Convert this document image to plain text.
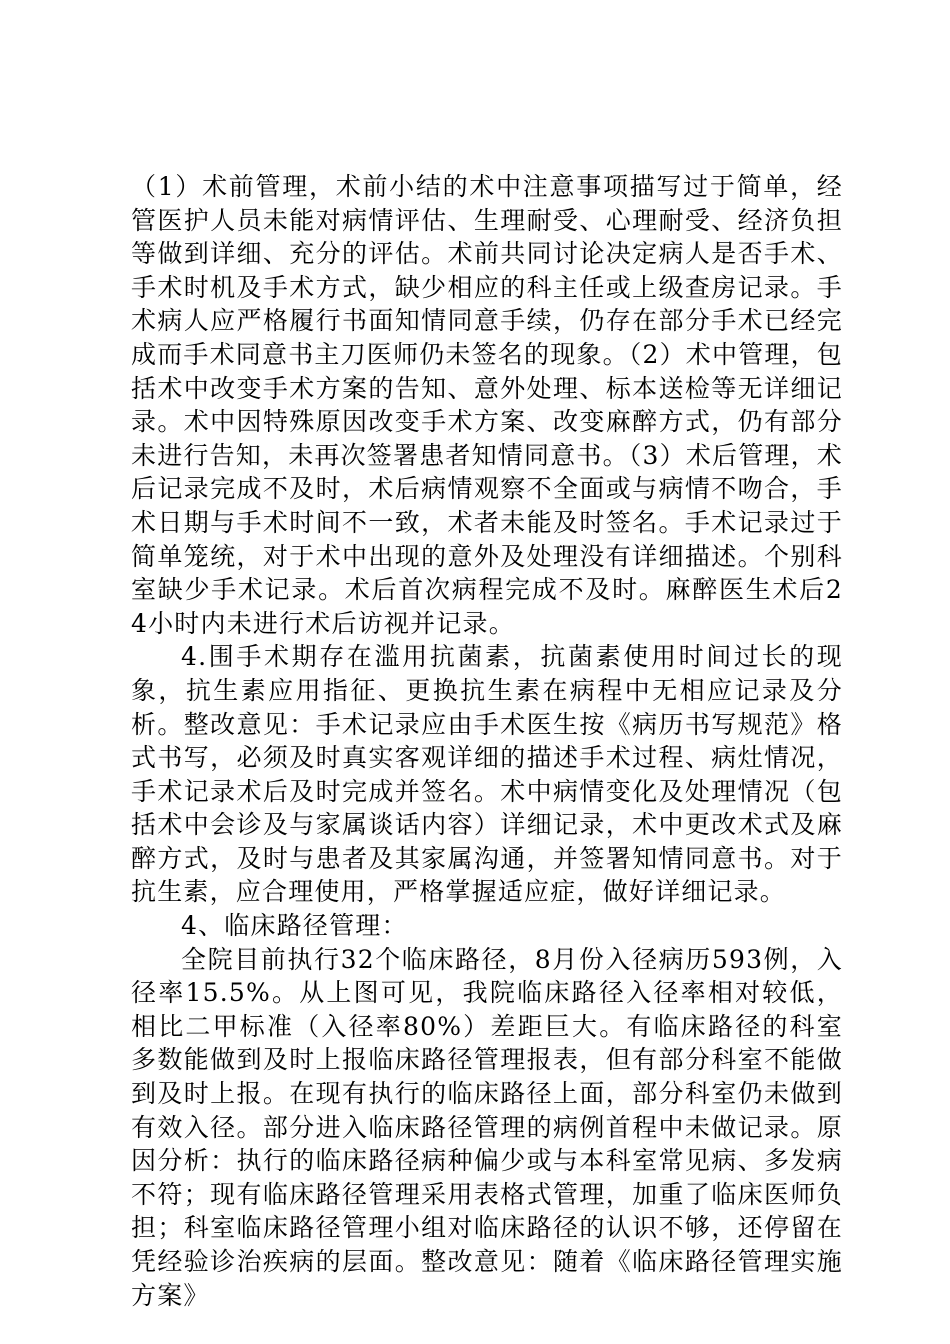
（1）术前管理，术前小结的术中注意事项描写过于简单，经管医护人员未能对病情评估、生理耐受、心理耐受、经济负担等做到详细、充分的评估。术前共同讨论决定病人是否手术、手术时机及手术方式，缺少相应的科主任或上级查房记录。手术病人应严格履行书面知情同意手续，仍存在部分手术已经完成而手术同意书主刀医师仍未签名的现象。（2）术中管理，包括术中改变手术方案的告知、意外处理、标本送检等无详细记录。术中因特殊原因改变手术方案、改变麻醉方式，仍有部分未进行告知，未再次签署患者知情同意书。（3）术后管理，术后记录完成不及时，术后病情观察不全面或与病情不吻合，手术日期与手术时间不一致，术者未能及时签名。手术记录过于简单笼统，对于术中出现的意外及处理没有详细描述。个别科室缺少手术记录。术后首次病程完成不及时。麻醉医生术后24小时内未进行术后访视并记录。

4.围手术期存在滥用抗菌素，抗菌素使用时间过长的现象，抗生素应用指征、更换抗生素在病程中无相应记录及分析。整改意见：手术记录应由手术医生按《病历书写规范》格式书写，必须及时真实客观详细的描述手术过程、病灶情况，手术记录术后及时完成并签名。术中病情变化及处理情况（包括术中会诊及与家属谈话内容）详细记录，术中更改术式及麻醉方式，及时与患者及其家属沟通，并签署知情同意书。对于抗生素，应合理使用，严格掌握适应症，做好详细记录。

4、临床路径管理：

全院目前执行32个临床路径，8月份入径病历593例，入径率15.5%。从上图可见，我院临床路径入径率相对较低，相比二甲标准（入径率80%）差距巨大。有临床路径的科室多数能做到及时上报临床路径管理报表，但有部分科室不能做到及时上报。在现有执行的临床路径上面，部分科室仍未做到有效入径。部分进入临床路径管理的病例首程中未做记录。原因分析：执行的临床路径病种偏少或与本科室常见病、多发病不符；现有临床路径管理采用表格式管理，加重了临床医师负担；科室临床路径管理小组对临床路径的认识不够，还停留在凭经验诊治疾病的层面。整改意见：随着《临床路径管理实施方案》
